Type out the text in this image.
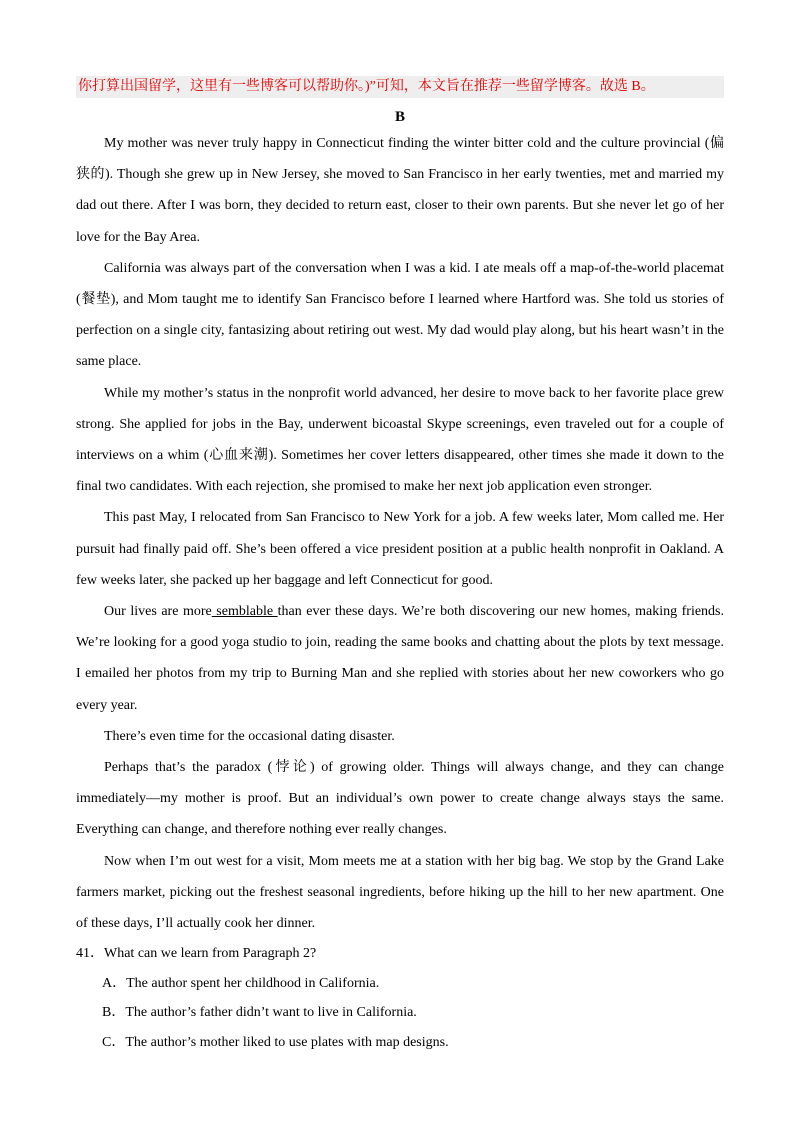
你打算出国留学，这里有一些博客可以帮助你。)”可知，本文旨在推荐一些留学博客。故选 B。
B

My mother was never truly happy in Connecticut finding the winter bitter cold and the culture provincial (偏狭的). Though she grew up in New Jersey, she moved to San Francisco in her early twenties, met and married my dad out there. After I was born, they decided to return east, closer to their own parents. But she never let go of her love for the Bay Area.

California was always part of the conversation when I was a kid. I ate meals off a map-of-the-world placemat (餐垫), and Mom taught me to identify San Francisco before I learned where Hartford was. She told us stories of perfection on a single city, fantasizing about retiring out west. My dad would play along, but his heart wasn’t in the same place.

While my mother’s status in the nonprofit world advanced, her desire to move back to her favorite place grew strong. She applied for jobs in the Bay, underwent bicoastal Skype screenings, even traveled out for a couple of interviews on a whim (心血来潮). Sometimes her cover letters disappeared, other times she made it down to the final two candidates. With each rejection, she promised to make her next job application even stronger.

This past May, I relocated from San Francisco to New York for a job. A few weeks later, Mom called me. Her pursuit had finally paid off. She’s been offered a vice president position at a public health nonprofit in Oakland. A few weeks later, she packed up her baggage and left Connecticut for good.

Our lives are more semblable than ever these days. We’re both discovering our new homes, making friends. We’re looking for a good yoga studio to join, reading the same books and chatting about the plots by text message. I emailed her photos from my trip to Burning Man and she replied with stories about her new coworkers who go every year.

There’s even time for the occasional dating disaster.

Perhaps that’s the paradox (悖论) of growing older. Things will always change, and they can change immediately—my mother is proof. But an individual’s own power to create change always stays the same. Everything can change, and therefore nothing ever really changes.

Now when I’m out west for a visit, Mom meets me at a station with her big bag. We stop by the Grand Lake farmers market, picking out the freshest seasonal ingredients, before hiking up the hill to her new apartment. One of these days, I’ll actually cook her dinner.

41．What can we learn from Paragraph 2?

A．The author spent her childhood in California.

B．The author’s father didn’t want to live in California.

C．The author’s mother liked to use plates with map designs.
